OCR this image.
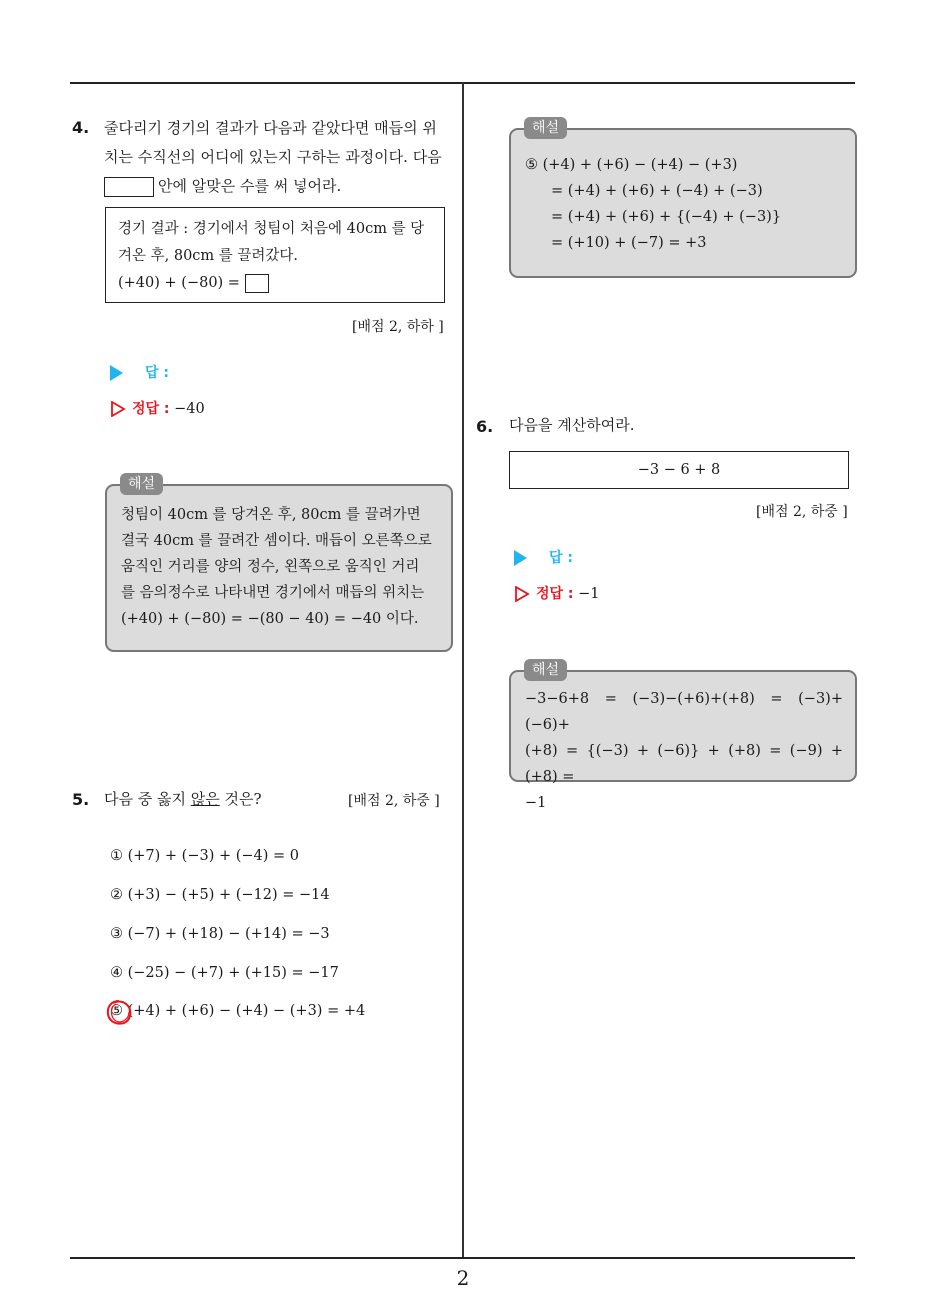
2
4. 줄다리기 경기의 결과가 다음과 같았다면 매듭의 위
치는 수직선의 어디에 있는지 구하는 과정이다. 다음
안에 알맞은 수를 써 넣어라.
경기 결과 : 경기에서 청팀이 처음에 40cm 를 당
겨온 후, 80cm 를 끌려갔다.
(+40) + (−80) =
[배점 2, 하하 ]
답 :
정답 : −40
청팀이 40cm 를 당겨온 후, 80cm 를 끌려가면
결국 40cm 를 끌려간 셈이다. 매듭이 오른쪽으로
움직인 거리를 양의 정수, 왼쪽으로 움직인 거리
를 음의정수로 나타내면 경기에서 매듭의 위치는
(+40) + (−80) = −(80 − 40) = −40 이다.
해설
5. 다음 중 옳지 않은 것은?	[배점 2, 하중 ]
① (+7) + (−3) + (−4) = 0
② (+3) − (+5) + (−12) = −14
③ (−7) + (+18) − (+14) = −3
④ (−25) − (+7) + (+15) = −17
⑤ (+4) + (+6) − (+4) − (+3) = +4
⑤ (+4) + (+6) − (+4) − (+3)
= (+4) + (+6) + (−4) + (−3)
= (+4) + (+6) + {(−4) + (−3)}
= (+10) + (−7) = +3
해설
6. 다음을 계산하여라.
−3 − 6 + 8
[배점 2, 하중 ]
답 :
정답 : −1
−3−6+8 = (−3)−(+6)+(+8) = (−3)+(−6)+
(+8) = {(−3) + (−6)} + (+8) = (−9) + (+8) =
−1
해설
